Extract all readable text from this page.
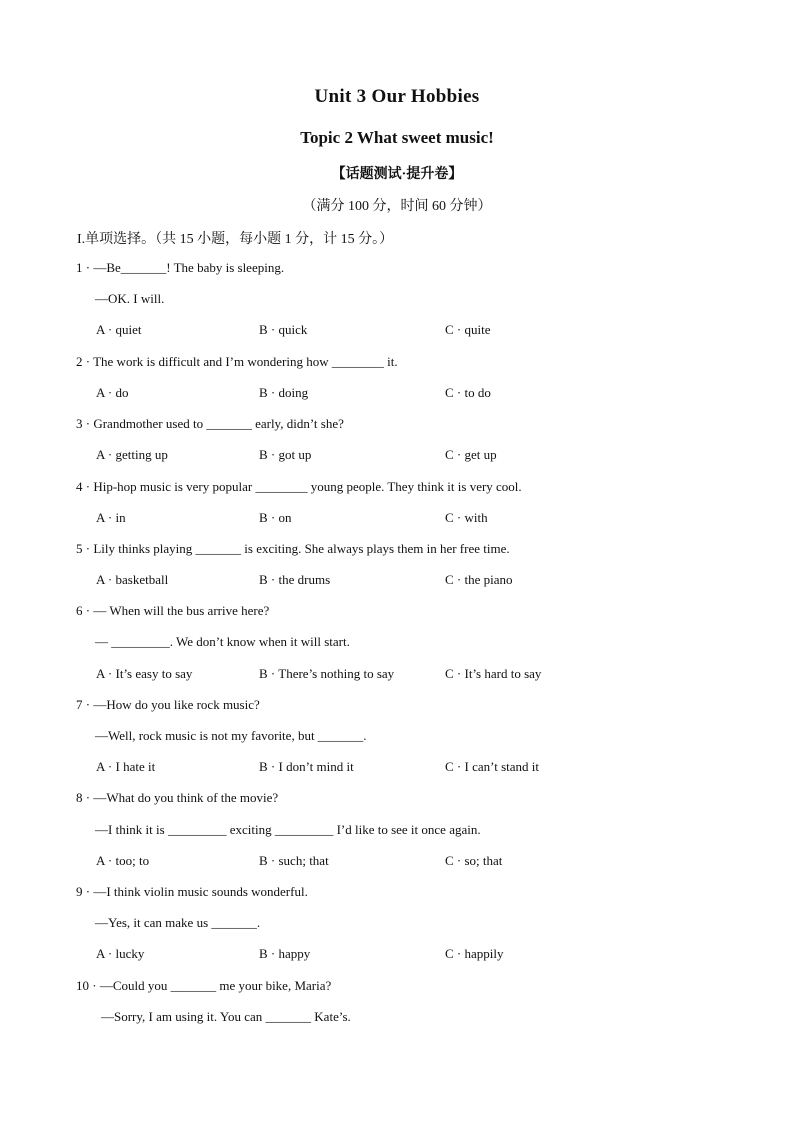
Unit 3 Our Hobbies
Topic 2 What sweet music!
【话题测试·提升卷】
（满分 100 分，时间 60 分钟）
I.单项选择。（共 15 小题，每小题 1 分，计 15 分。）
1 · —Be_______! The baby is sleeping.
—OK. I will.
A · quiet	B · quick	C · quite
2 · The work is difficult and I’m wondering how ________ it.
A · do	B · doing	C · to do
3 · Grandmother used to _______ early, didn’t she?
A · getting up	B · got up	C · get up
4 · Hip-hop music is very popular ________ young people. They think it is very cool.
A · in	B · on	C · with
5 · Lily thinks playing _______ is exciting. She always plays them in her free time.
A · basketball	B · the drums	C · the piano
6 · — When will the bus arrive here?
— _________. We don’t know when it will start.
A · It’s easy to say	B · There’s nothing to say	C · It’s hard to say
7 · —How do you like rock music?
—Well, rock music is not my favorite, but _______.
A · I hate it	B · I don’t mind it	C · I can’t stand it
8 · —What do you think of the movie?
—I think it is _________ exciting _________ I’d like to see it once again.
A · too; to	B · such; that	C · so; that
9 · —I think violin music sounds wonderful.
—Yes, it can make us _______.
A · lucky	B · happy	C · happily
10 · —Could you _______ me your bike, Maria?
—Sorry, I am using it. You can _______ Kate’s.
